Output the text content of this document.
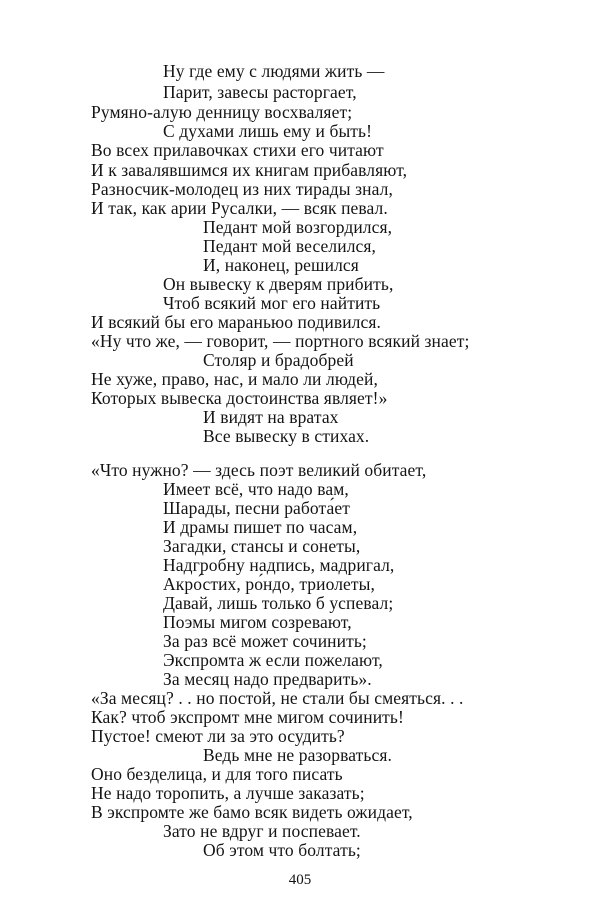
Ну где ему с людями жить —
Парит, завесы расторгает,
Румяно-алую денницу восхваляет;
С духами лишь ему и быть!
Во всех прилавочках стихи его читают
И к завалявшимся их книгам прибавляют,
Разносчик-молодец из них тирады знал,
И так, как арии Русалки, — всяк певал.
Педант мой возгордился,
Педант мой веселился,
И, наконец, решился
Он вывеску к дверям прибить,
Чтоб всякий мог его найтить
И всякий бы его мараньюо подивился.
«Ну что же, — говорит, — портного всякий знает;
Столяр и брадобрей
Не хуже, право, нас, и мало ли людей,
Которых вывеска достоинства являет!»
И видят на вратах
Все вывеску в стихах.
«Что нужно? — здесь поэт великий обитает,
Имеет всё, что надо вам,
Шарады, песни работа́ет
И драмы пишет по часам,
Загадки, стансы и сонеты,
Надгробну надпись, мадригал,
Акро́стих, ро́ндо, триолеты,
Давай, лишь только б успевал;
Поэмы мигом созревают,
За раз всё может сочинить;
Экспромта ж если пожелают,
За месяц надо предварить».
«За месяц? . . но постой, не стали бы смеяться. . .
Как? чтоб экспромт мне мигом сочинить!
Пустое! смеют ли за это осудить?
Ведь мне не разорваться.
Оно безделица, и для того писать
Не надо торопить, а лучше заказать;
В экспромте же бамо всяк видеть ожидает,
Зато не вдруг и поспевает.
Об этом что болтать;
405
